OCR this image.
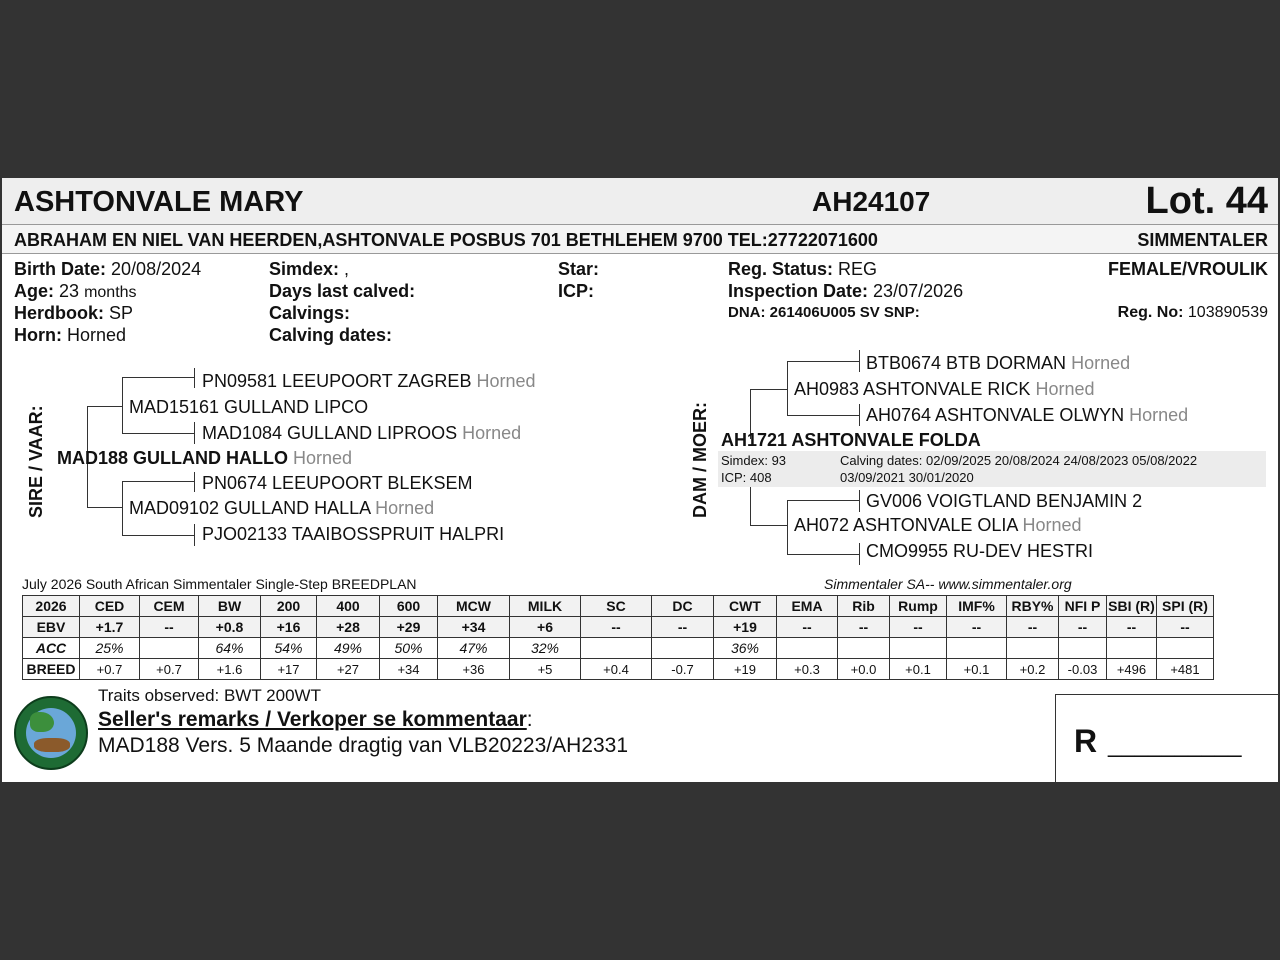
ASHTONVALE MARY	AH24107	Lot. 44
ABRAHAM EN NIEL VAN HEERDEN,ASHTONVALE POSBUS 701 BETHLEHEM 9700 TEL:27722071600	SIMMENTALER
Birth Date: 20/08/2024
Age: 23 months
Herdbook: SP
Horn: Horned
Simdex: ,
Days last calved:
Calvings:
Calving dates:
Star:
ICP:
Reg. Status: REG
Inspection Date: 23/07/2026
DNA: 261406U005 SV SNP:
FEMALE/VROULIK
Reg. No: 103890539
SIRE / VAAR:
PN09581 LEEUPOORT ZAGREB Horned
MAD15161 GULLAND LIPCO
MAD1084 GULLAND LIPROOS Horned
MAD188 GULLAND HALLO Horned
PN0674 LEEUPOORT BLEKSEM
MAD09102 GULLAND HALLA Horned
PJO02133 TAAIBOSSPRUIT HALPRI
DAM / MOER:
BTB0674 BTB DORMAN Horned
AH0983 ASHTONVALE RICK Horned
AH0764 ASHTONVALE OLWYN Horned
AH1721 ASHTONVALE FOLDA
Simdex: 93
ICP: 408
Calving dates: 02/09/2025 20/08/2024 24/08/2023 05/08/2022
03/09/2021 30/01/2020
GV006 VOIGTLAND BENJAMIN 2
AH072 ASHTONVALE OLIA Horned
CMO9955 RU-DEV HESTRI
July 2026 South African Simmentaler Single-Step BREEDPLAN	Simmentaler SA-- www.simmentaler.org
2026	CED	CEM	BW	200	400	600	MCW	MILK	SC	DC	CWT	EMA	Rib	Rump	IMF%	RBY%	NFI P	SBI (R)	SPI (R)
EBV	+1.7	--	+0.8	+16	+28	+29	+34	+6	--	--	+19	--	--	--	--	--	--	--	--
ACC	25%		64%	54%	49%	50%	47%	32%			36%								
BREED	+0.7	+0.7	+1.6	+17	+27	+34	+36	+5	+0.4	-0.7	+19	+0.3	+0.0	+0.1	+0.1	+0.2	-0.03	+496	+481
Traits observed: BWT 200WT
Seller's remarks / Verkoper se kommentaar:
MAD188 Vers. 5 Maande dragtig van VLB20223/AH2331	R __________
